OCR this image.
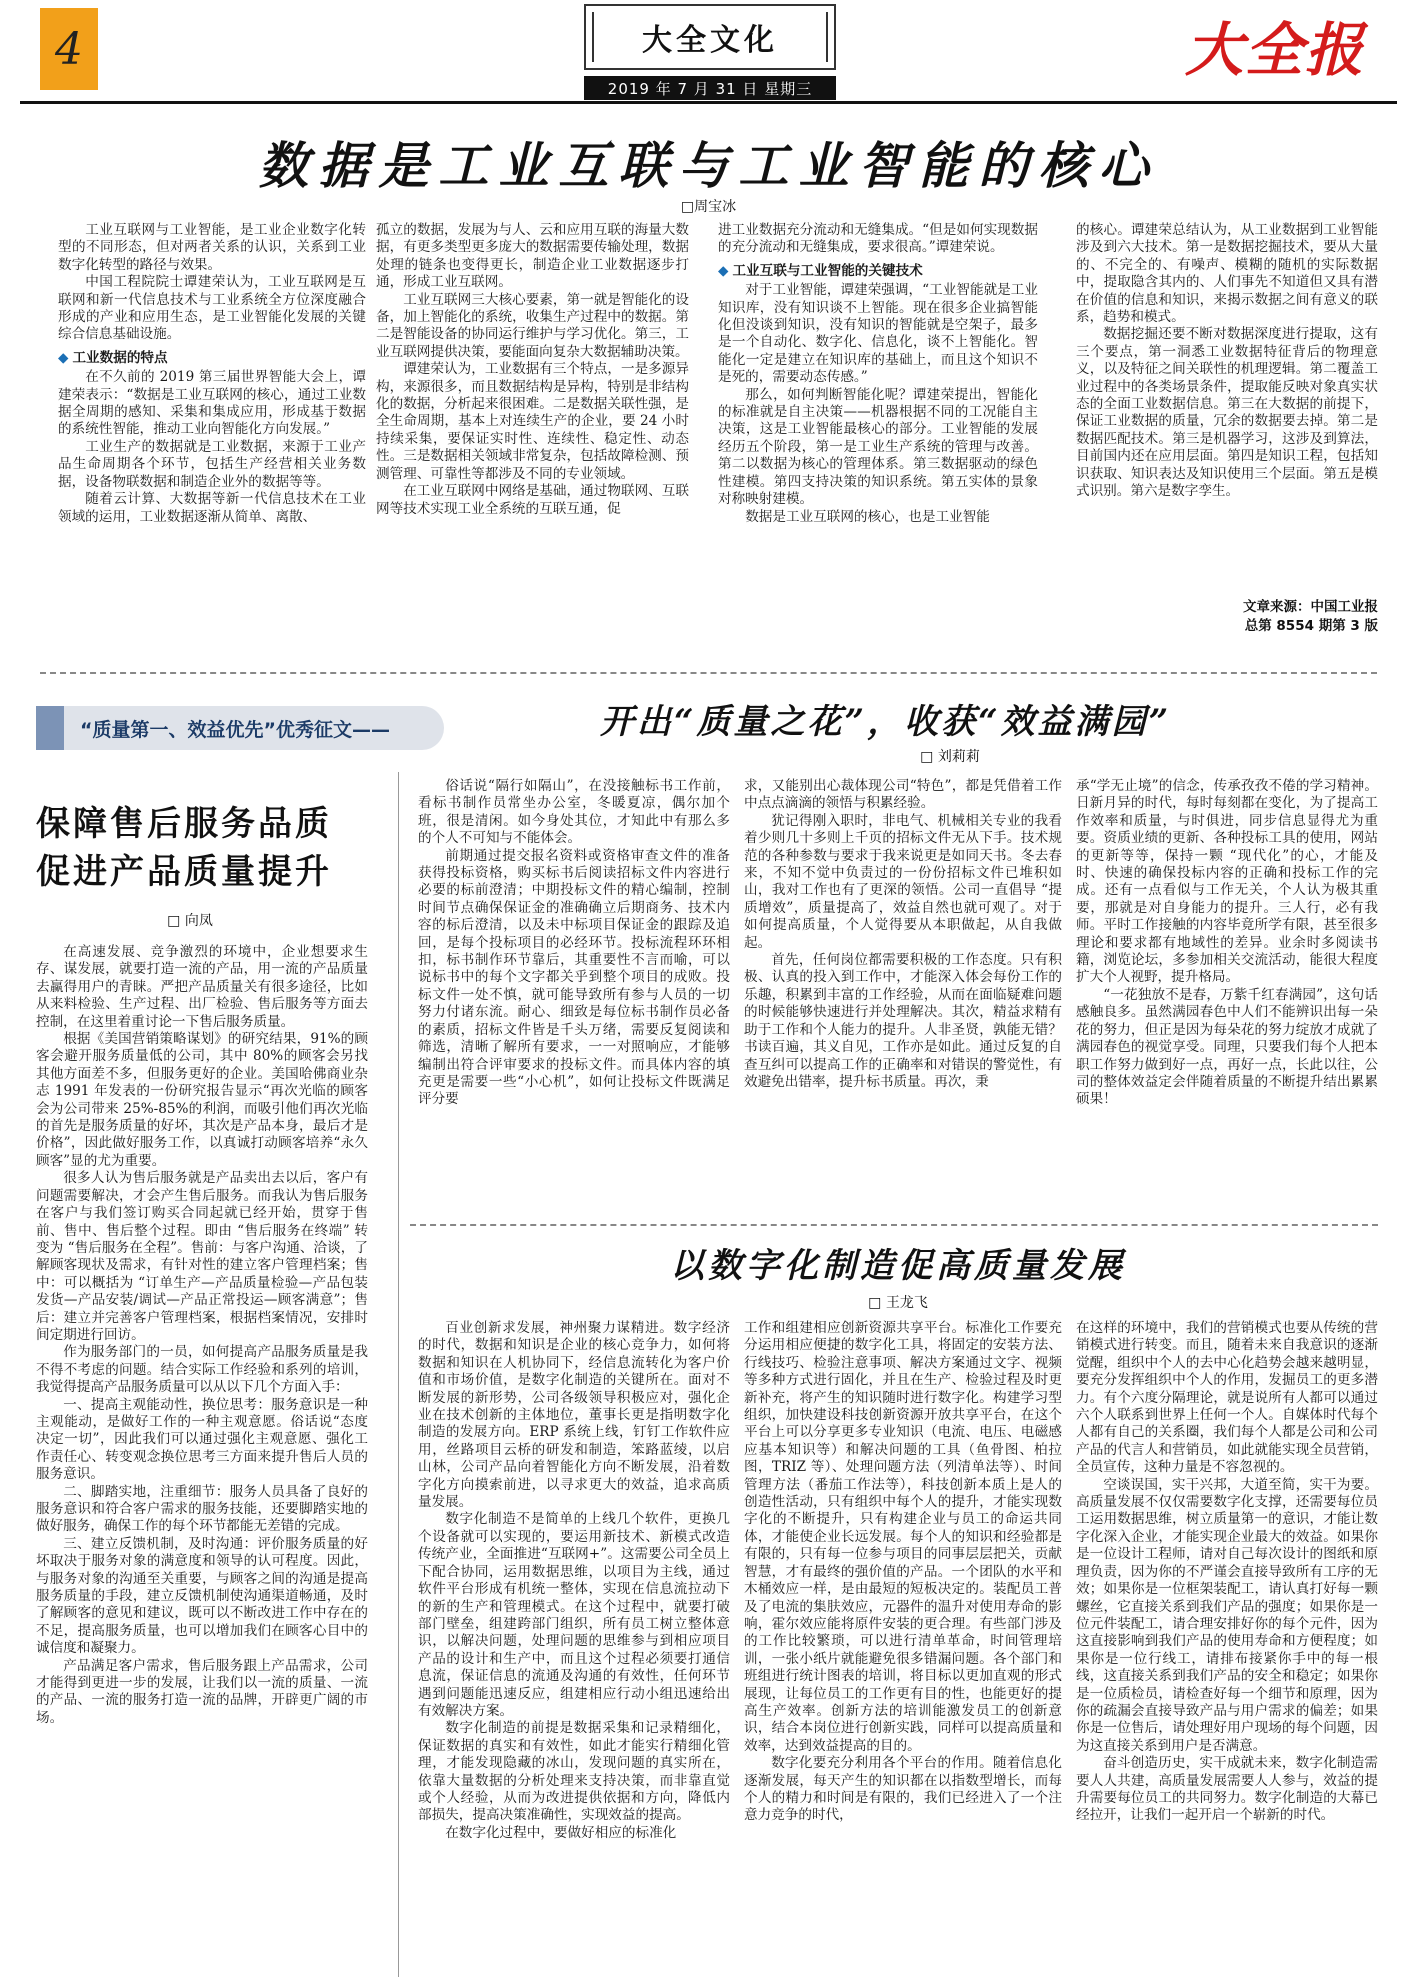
4	大全文化
2019 年 7 月 31 日 星期三
大全报
数据是工业互联与工业智能的核心
□周宝冰

工业互联网与工业智能，是工业企业数字化转型的不同形态，但对两者关系的认识，关系到工业数字化转型的路径与效果。

中国工程院院士谭建荣认为，工业互联网是互联网和新一代信息技术与工业系统全方位深度融合形成的产业和应用生态，是工业智能化发展的关键综合信息基础设施。

◆ 工业数据的特点

在不久前的 2019 第三届世界智能大会上，谭建荣表示：“数据是工业互联网的核心，通过工业数据全周期的感知、采集和集成应用，形成基于数据的系统性智能，推动工业向智能化方向发展。”

工业生产的数据就是工业数据，来源于工业产品生命周期各个环节，包括生产经营相关业务数据，设备物联数据和制造企业外的数据等等。

随着云计算、大数据等新一代信息技术在工业领域的运用，工业数据逐渐从简单、离散、

孤立的数据，发展为与人、云和应用互联的海量大数据，有更多类型更多庞大的数据需要传输处理，数据处理的链条也变得更长，制造企业工业数据逐步打通，形成工业互联网。

工业互联网三大核心要素，第一就是智能化的设备，加上智能化的系统，收集生产过程中的数据。第二是智能设备的协同运行维护与学习优化。第三，工业互联网提供决策，要能面向复杂大数据辅助决策。

谭建荣认为，工业数据有三个特点，一是多源异构，来源很多，而且数据结构是异构，特别是非结构化的数据，分析起来很困难。二是数据关联性强，是全生命周期，基本上对连续生产的企业，要 24 小时持续采集，要保证实时性、连续性、稳定性、动态性。三是数据相关领域非常复杂，包括故障检测、预测管理、可靠性等都涉及不同的专业领域。

在工业互联网中网络是基础，通过物联网、互联网等技术实现工业全系统的互联互通，促

进工业数据充分流动和无缝集成。“但是如何实现数据的充分流动和无缝集成，要求很高。”谭建荣说。

◆ 工业互联与工业智能的关键技术

对于工业智能，谭建荣强调，“工业智能就是工业知识库，没有知识谈不上智能。现在很多企业搞智能化但没谈到知识，没有知识的智能就是空架子，最多是一个自动化、数字化、信息化，谈不上智能化。智能化一定是建立在知识库的基础上，而且这个知识不是死的，需要动态传感。”

那么，如何判断智能化呢？谭建荣提出，智能化的标准就是自主决策——机器根据不同的工况能自主决策，这是工业智能最核心的部分。工业智能的发展经历五个阶段，第一是工业生产系统的管理与改善。第二以数据为核心的管理体系。第三数据驱动的绿色性建模。第四支持决策的知识系统。第五实体的景象对称映射建模。

数据是工业互联网的核心，也是工业智能

的核心。谭建荣总结认为，从工业数据到工业智能涉及到六大技术。第一是数据挖掘技术，要从大量的、不完全的、有噪声、模糊的随机的实际数据中，提取隐含其内的、人们事先不知道但又具有潜在价值的信息和知识，来揭示数据之间有意义的联系，趋势和模式。

数据挖掘还要不断对数据深度进行提取，这有三个要点，第一洞悉工业数据特征背后的物理意义，以及特征之间关联性的机理逻辑。第二覆盖工业过程中的各类场景条件，提取能反映对象真实状态的全面工业数据信息。第三在大数据的前提下，保证工业数据的质量，冗余的数据要去掉。第二是数据匹配技术。第三是机器学习，这涉及到算法，目前国内还在应用层面。第四是知识工程，包括知识获取、知识表达及知识使用三个层面。第五是模式识别。第六是数字孪生。

文章来源：中国工业报
总第 8554 期第 3 版
“质量第一、效益优先”优秀征文——
保障售后服务品质
促进产品质量提升
□ 向凤

在高速发展、竞争激烈的环境中，企业想要求生存、谋发展，就要打造一流的产品，用一流的产品质量去赢得用户的青睐。严把产品质量关有很多途径，比如从来料检验、生产过程、出厂检验、售后服务等方面去控制，在这里着重讨论一下售后服务质量。

根据《美国营销策略谋划》的研究结果，91%的顾客会避开服务质量低的公司，其中 80%的顾客会另找其他方面差不多，但服务更好的企业。美国哈佛商业杂志 1991 年发表的一份研究报告显示“再次光临的顾客会为公司带来 25%-85%的利润，而吸引他们再次光临的首先是服务质量的好坏，其次是产品本身，最后才是价格”，因此做好服务工作，以真诚打动顾客培养“永久顾客”显的尤为重要。

很多人认为售后服务就是产品卖出去以后，客户有问题需要解决，才会产生售后服务。而我认为售后服务在客户与我们签订购买合同起就已经开始，贯穿于售前、售中、售后整个过程。即由 “售后服务在终端” 转变为 “售后服务在全程”。售前：与客户沟通、洽谈，了解顾客现状及需求，有针对性的建立客户管理档案；售中：可以概括为 “订单生产—产品质量检验—产品包装发货—产品安装/调试—产品正常投运—顾客满意”；售后：建立并完善客户管理档案，根据档案情况，安排时间定期进行回访。

作为服务部门的一员，如何提高产品服务质量是我不得不考虑的问题。结合实际工作经验和系列的培训，我觉得提高产品服务质量可以从以下几个方面入手：

一、提高主观能动性，换位思考：服务意识是一种主观能动，是做好工作的一种主观意愿。俗话说“态度决定一切”，因此我们可以通过强化主观意愿、强化工作责任心、转变观念换位思考三方面来提升售后人员的服务意识。

二、脚踏实地，注重细节：服务人员具备了良好的服务意识和符合客户需求的服务技能，还要脚踏实地的做好服务，确保工作的每个环节都能无差错的完成。

三、建立反馈机制，及时沟通：评价服务质量的好坏取决于服务对象的满意度和领导的认可程度。因此，与服务对象的沟通至关重要，与顾客之间的沟通是提高服务质量的手段，建立反馈机制使沟通渠道畅通，及时了解顾客的意见和建议，既可以不断改进工作中存在的不足，提高服务质量，也可以增加我们在顾客心目中的诚信度和凝聚力。

产品满足客户需求，售后服务跟上产品需求，公司才能得到更进一步的发展，让我们以一流的质量、一流的产品、一流的服务打造一流的品牌，开辟更广阔的市场。

开出“质量之花”，收获“效益满园”
□ 刘莉莉

俗话说“隔行如隔山”，在没接触标书工作前，看标书制作员常坐办公室，冬暖夏凉，偶尔加个班，很是清闲。如今身处其位，才知此中有那么多的个人不可知与不能体会。

前期通过提交报名资料或资格审查文件的准备获得投标资格，购买标书后阅读招标文件内容进行必要的标前澄清；中期投标文件的精心编制，控制时间节点确保保证金的准确确立后期商务、技术内容的标后澄清，以及未中标项目保证金的跟踪及追回，是每个投标项目的必经环节。投标流程环环相扣，标书制作环节靠后，其重要性不言而喻，可以说标书中的每个文字都关乎到整个项目的成败。投标文件一处不慎，就可能导致所有参与人员的一切努力付诸东流。耐心、细致是每位标书制作员必备的素质，招标文件皆是千头万绪，需要反复阅读和筛选，清晰了解所有要求，一一对照响应，才能够编制出符合评审要求的投标文件。而具体内容的填充更是需要一些“小心机”，如何让投标文件既满足评分要

求，又能别出心裁体现公司“特色”，都是凭借着工作中点点滴滴的领悟与积累经验。

犹记得刚入职时，非电气、机械相关专业的我看着少则几十多则上千页的招标文件无从下手。技术规范的各种参数与要求于我来说更是如同天书。冬去春来，不知不觉中负责过的一份份招标文件已堆积如山，我对工作也有了更深的领悟。公司一直倡导 “提质增效”，质量提高了，效益自然也就可观了。对于如何提高质量，个人觉得要从本职做起，从自我做起。

首先，任何岗位都需要积极的工作态度。只有积极、认真的投入到工作中，才能深入体会每份工作的乐趣，积累到丰富的工作经验，从而在面临疑难问题的时候能够快速进行并处理解决。其次，精益求精有助于工作和个人能力的提升。人非圣贤，孰能无错？书读百遍，其义自见，工作亦是如此。通过反复的自查互纠可以提高工作的正确率和对错误的警觉性，有效避免出错率，提升标书质量。再次，秉

承“学无止境”的信念，传承孜孜不倦的学习精神。日新月异的时代，每时每刻都在变化，为了提高工作效率和质量，与时俱进，同步信息显得尤为重要。资质业绩的更新、各种投标工具的使用，网站的更新等等，保持一颗 “现代化”的心，才能及时、快速的确保投标内容的正确和投标工作的完成。还有一点看似与工作无关，个人认为极其重要，那就是对自身能力的提升。三人行，必有我师。平时工作接触的内容毕竟所学有限，甚至很多理论和要求都有地域性的差异。业余时多阅读书籍，浏览论坛，多参加相关交流活动，能很大程度扩大个人视野，提升格局。

“一花独放不是春，万紫千红春满园”，这句话感触良多。虽然满园春色中人们不能辨识出每一朵花的努力，但正是因为每朵花的努力绽放才成就了满园春色的视觉享受。同理，只要我们每个人把本职工作努力做到好一点，再好一点，长此以往，公司的整体效益定会伴随着质量的不断提升结出累累硕果！

以数字化制造促高质量发展
□ 王龙飞

百业创新求发展，神州聚力谋精进。数字经济的时代，数据和知识是企业的核心竞争力，如何将数据和知识在人机协同下，经信息流转化为客户价值和市场价值，是数字化制造的关键所在。面对不断发展的新形势，公司各级领导积极应对，强化企业在技术创新的主体地位，董事长更是指明数字化制造的发展方向。ERP 系统上线，钉钉工作软件应用，丝路项目云桥的研发和制造，笨路蓝绫，以启山林，公司产品向着智能化方向不断发展，沿着数字化方向摸索前进，以寻求更大的效益，追求高质量发展。

数字化制造不是简单的上线几个软件，更换几个设备就可以实现的，要运用新技术、新模式改造传统产业，全面推进“互联网+”。这需要公司全员上下配合协同，运用数据思维，以项目为主线，通过软件平台形成有机统一整体，实现在信息流拉动下的新的生产和管理模式。在这个过程中，就要打破部门壁垒，组建跨部门组织，所有员工树立整体意识，以解决问题，处理问题的思维参与到相应项目产品的设计和生产中，而且这个过程必须要打通信息流，保证信息的流通及沟通的有效性，任何环节遇到问题能迅速反应，组建相应行动小组迅速给出有效解决方案。

数字化制造的前提是数据采集和记录精细化，保证数据的真实和有效性，如此才能实行精细化管理，才能发现隐藏的冰山，发现问题的真实所在，依靠大量数据的分析处理来支持决策，而非靠直觉或个人经验，从而为改进提供依据和方向，降低内部损失，提高决策准确性，实现效益的提高。

在数字化过程中，要做好相应的标准化

工作和组建相应创新资源共享平台。标准化工作要充分运用相应便捷的数字化工具，将固定的安装方法、行线技巧、检验注意事项、解决方案通过文字、视频等多种方式进行固化，并且在生产、检验过程及时更新补充，将产生的知识随时进行数字化。构建学习型组织，加快建设科技创新资源开放共享平台，在这个平台上可以分享更多专业知识（电流、电压、电磁感应基本知识等）和解决问题的工具（鱼骨图、柏拉图，TRIZ 等）、处理问题方法（列清单法等）、时间管理方法（番茄工作法等），科技创新本质上是人的创造性活动，只有组织中每个人的提升，才能实现数字化的不断提升，只有构建企业与员工的命运共同体，才能使企业长远发展。每个人的知识和经验都是有限的，只有每一位参与项目的同事层层把关，贡献智慧，才有最终的强价值的产品。一个团队的水平和木桶效应一样，是由最短的短板决定的。装配员工普及了电流的集肤效应，元器件的温升对使用寿命的影响，霍尔效应能将原件安装的更合理。有些部门涉及的工作比较繁琐，可以进行清单革命，时间管理培训，一张小纸片就能避免很多错漏问题。各个部门和班组进行统计图表的培训，将目标以更加直观的形式展现，让每位员工的工作更有目的性，也能更好的提高生产效率。创新方法的培训能激发员工的创新意识，结合本岗位进行创新实践，同样可以提高质量和效率，达到效益提高的目的。

数字化要充分利用各个平台的作用。随着信息化逐渐发展，每天产生的知识都在以指数型增长，而每个人的精力和时间是有限的，我们已经进入了一个注意力竞争的时代，

在这样的环境中，我们的营销模式也要从传统的营销模式进行转变。而且，随着未来自我意识的逐渐觉醒，组织中个人的去中心化趋势会越来越明显，要充分发挥组织中个人的作用，发掘员工的更多潜力。有个六度分隔理论，就是说所有人都可以通过六个人联系到世界上任何一个人。自媒体时代每个人都有自己的关系圈，我们每个人都是公司和公司产品的代言人和营销员，如此就能实现全员营销，全员宣传，这种力量是不容忽视的。

空谈误国，实干兴邦，大道至简，实干为要。高质量发展不仅仅需要数字化支撑，还需要每位员工运用数据思维，树立质量第一的意识，才能让数字化深入企业，才能实现企业最大的效益。如果你是一位设计工程师，请对自己每次设计的图纸和原理负责，因为你的不严谨会直接导致所有工序的无效；如果你是一位框架装配工，请认真打好每一颗螺丝，它直接关系到我们产品的强度；如果你是一位元件装配工，请合理安排好你的每个元件，因为这直接影响到我们产品的使用寿命和方便程度；如果你是一位行线工，请排布接紧你手中的每一根线，这直接关系到我们产品的安全和稳定；如果你是一位质检员，请检查好每一个细节和原理，因为你的疏漏会直接导致产品与用户需求的偏差；如果你是一位售后，请处理好用户现场的每个问题，因为这直接关系到用户是否满意。

奋斗创造历史，实干成就未来，数字化制造需要人人共建，高质量发展需要人人参与，效益的提升需要每位员工的共同努力。数字化制造的大幕已经拉开，让我们一起开启一个崭新的时代。
